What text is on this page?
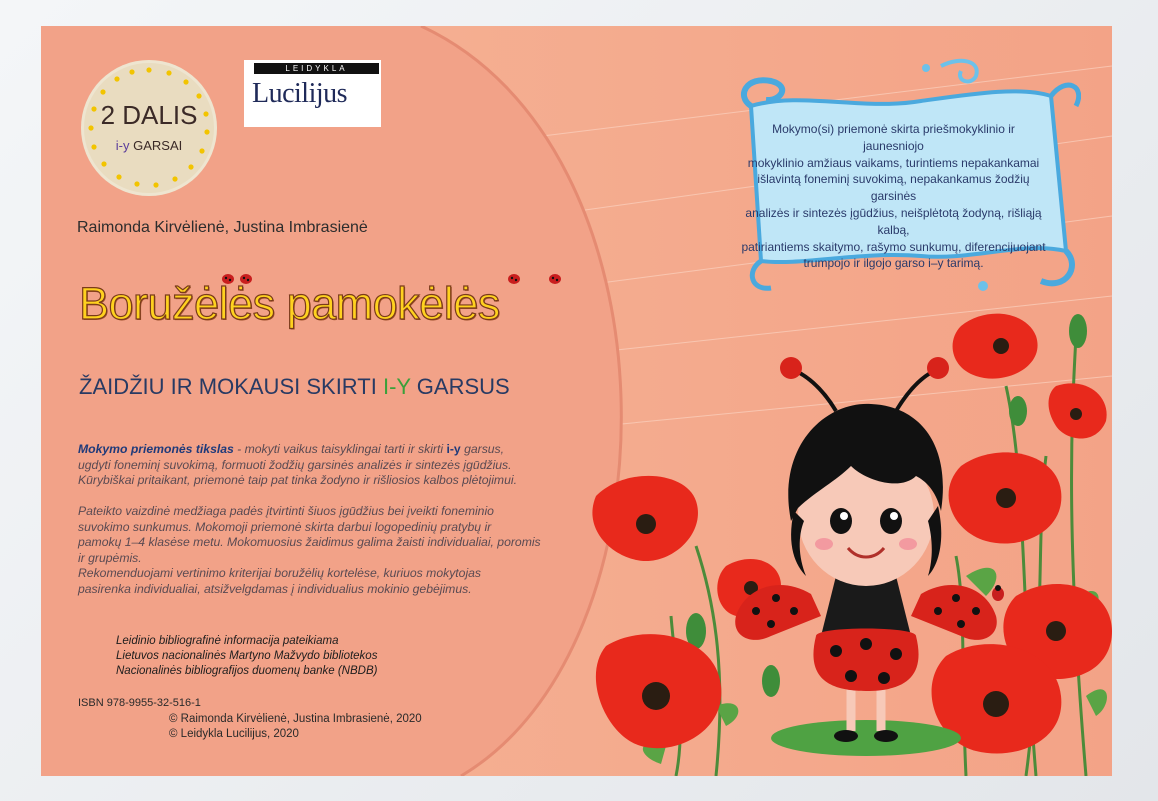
2 DALIS
i-y GARSAI
LEIDYKLA
Lucilijus
Raimonda Kirvėlienė, Justina Imbrasienė
Boružėlės pamokėlės
ŽAIDŽIU IR MOKAUSI SKIRTI I-Y GARSUS
Mokymo priemonės tikslas - mokyti vaikus taisyklingai tarti ir skirti i-y garsus,
ugdyti foneminį suvokimą, formuoti žodžių garsinės analizės ir sintezės įgūdžius.
Kūrybiškai pritaikant, priemonė taip pat tinka žodyno ir rišliosios kalbos plėtojimui.
Pateikto vaizdinė medžiaga padės įtvirtinti šiuos įgūdžius bei įveikti foneminio
suvokimo sunkumus. Mokomoji priemonė skirta darbui logopedinių pratybų ir
pamokų 1–4 klasėse metu. Mokomuosius žaidimus galima žaisti individualiai, poromis
ir grupėmis.
Rekomenduojami vertinimo kriterijai boružėlių kortelėse, kuriuos mokytojas
pasirenka individualiai, atsižvelgdamas į individualius mokinio gebėjimus.
Leidinio bibliografinė informacija pateikiama
Lietuvos nacionalinės Martyno Mažvydo bibliotekos
Nacionalinės bibliografijos duomenų banke (NBDB)
ISBN 978-9955-32-516-1
© Raimonda Kirvėlienė, Justina Imbrasienė, 2020
© Leidykla Lucilijus, 2020
Mokymo(si) priemonė skirta priešmokyklinio ir jaunesniojo
mokyklinio amžiaus vaikams, turintiems nepakankamai
išlavintą foneminį suvokimą, nepakankamus žodžių garsinės
analizės ir sintezės įgūdžius, neišplėtotą žodyną, rišliąją kalbą,
patiriantiems skaitymo, rašymo sunkumų, diferencijuojant
trumpojo ir ilgojo garso i–y tarimą.
